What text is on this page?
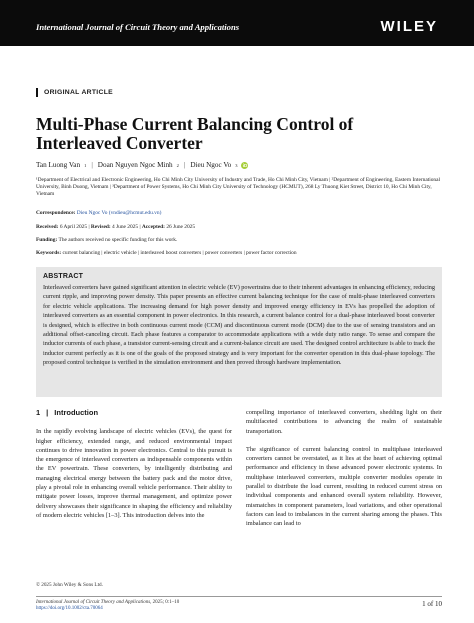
International Journal of Circuit Theory and Applications	WILEY
ORIGINAL ARTICLE
Multi-Phase Current Balancing Control of Interleaved Converter
Tan Luong Van 1 | Doan Nguyen Ngoc Minh 2 | Dieu Ngoc Vo 3 iD
¹Department of Electrical and Electronic Engineering, Ho Chi Minh City University of Industry and Trade, Ho Chi Minh City, Vietnam | ²Department of Engineering, Eastern International University, Binh Duong, Vietnam | ³Department of Power Systems, Ho Chi Minh City University of Technology (HCMUT), 268 Ly Thuong Kiet Street, District 10, Ho Chi Minh City, Vietnam
Correspondence: Dieu Ngoc Vo (vndieu@hcmut.edu.vn)
Received: 6 April 2025 | Revised: 4 June 2025 | Accepted: 26 June 2025
Funding: The authors received no specific funding for this work.
Keywords: current balancing | electric vehicle | interleaved boost converters | power converters | power factor correction
ABSTRACT

Interleaved converters have gained significant attention in electric vehicle (EV) powertrains due to their inherent advantages in enhancing efficiency, reducing current ripple, and improving power density. This paper presents an effective current balancing technique for the case of multi-phase interleaved converters for electric vehicle applications. The increasing demand for high power density and improved energy efficiency in EVs has propelled the adoption of interleaved converters as an essential component in power electronics. In this research, a current balance control for a dual-phase interleaved boost converter is designed, which is effective in both continuous current mode (CCM) and discontinuous current mode (DCM) due to the use of sensing transistors and an additional offset-canceling circuit. Each phase features a comparator to accommodate applications with a wide duty ratio range. To sense and compare the inductor currents of each phase, a transistor current-sensing circuit and a current-balance circuit are used. The designed control architecture is able to track the inductor current perfectly as it is one of the goals of the proposed strategy and is very important for the converter operation in this dual-phase topology. The proposed control technique is verified in the simulation environment and then proved through hardware implementation.

1 | Introduction

In the rapidly evolving landscape of electric vehicles (EVs), the quest for higher efficiency, extended range, and reduced environmental impact continues to drive innovation in power electronics. Central to this pursuit is the emergence of interleaved converters as indispensable components within the EV powertrain. These converters, by intelligently distributing and managing electrical energy between the battery pack and the motor drive, play a pivotal role in enhancing overall vehicle performance. Their ability to mitigate power losses, improve thermal management, and optimize power delivery showcases their significance in shaping the efficiency and reliability of modern electric vehicles [1–3]. This introduction delves into the

compelling importance of interleaved converters, shedding light on their multifaceted contributions to advancing the realm of sustainable transportation.

The significance of current balancing control in multiphase interleaved converters cannot be overstated, as it lies at the heart of achieving optimal performance and efficiency in these advanced power electronic systems. In multiphase interleaved converters, multiple converter modules operate in parallel to distribute the load current, resulting in reduced current stress on individual components and enhanced overall system reliability. However, mismatches in component parameters, load variations, and other operational factors can lead to imbalances in the current sharing among the phases. This imbalance can lead to

© 2025 John Wiley & Sons Ltd.
International Journal of Circuit Theory and Applications, 2025; 0:1–10
https://doi.org/10.1002/cta.70064
1 of 10
